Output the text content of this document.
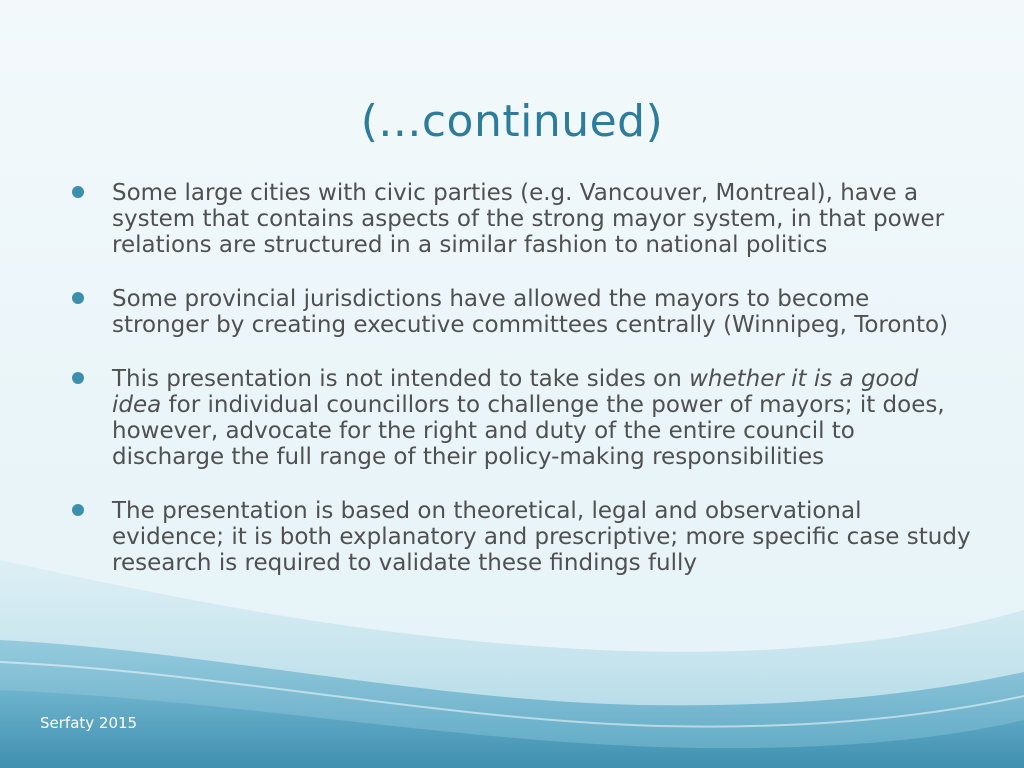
(...continued)
Some large cities with civic parties (e.g. Vancouver, Montreal), have a system that contains aspects of the strong mayor system, in that power relations are structured in a similar fashion to national politics
Some provincial jurisdictions have allowed the mayors to become stronger by creating executive committees centrally (Winnipeg, Toronto)
This presentation is not intended to take sides on whether it is a good idea for individual councillors to challenge the power of mayors; it does, however, advocate for the right and duty of the entire council to discharge the full range of their policy-making responsibilities
The presentation is based on theoretical, legal and observational evidence; it is both explanatory and prescriptive; more specific case study research is required to validate these findings fully
Serfaty 2015
